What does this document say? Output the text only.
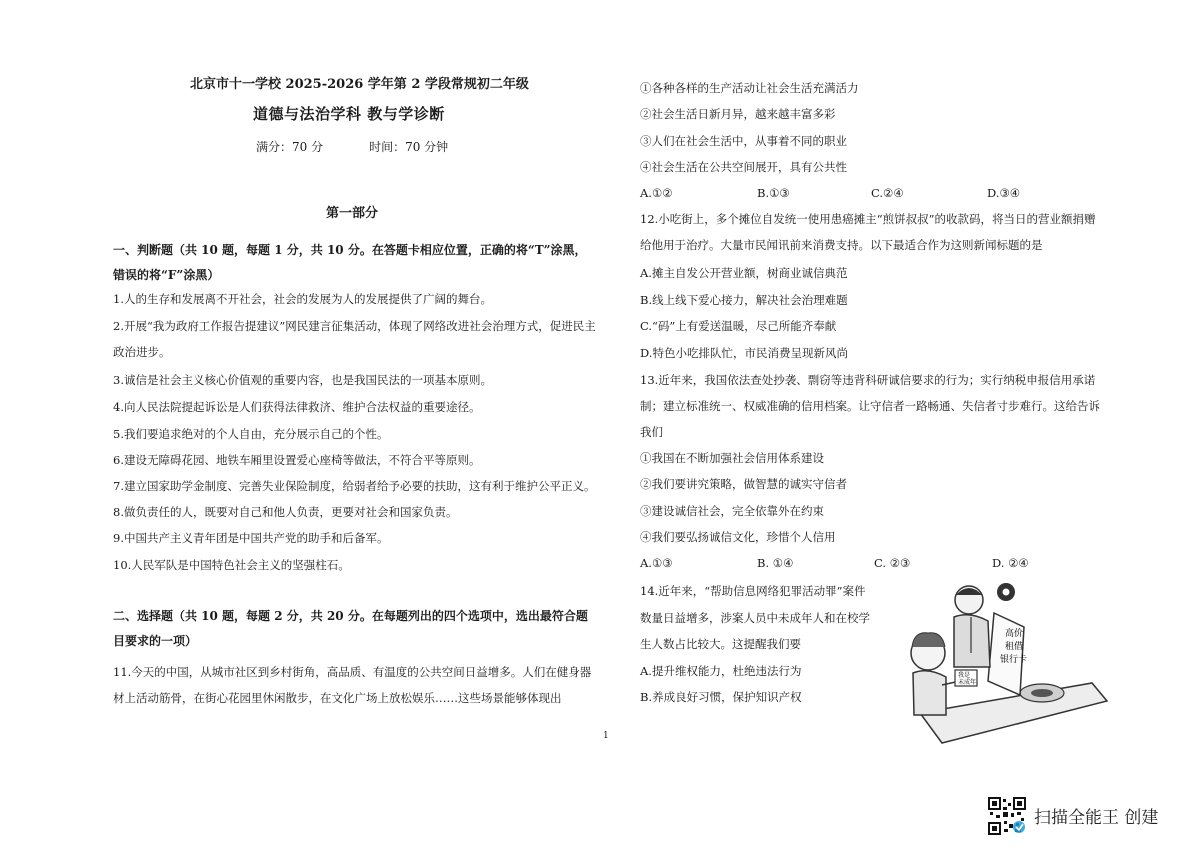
北京市十一学校 2025-2026 学年第 2 学段常规初二年级
道德与法治学科 教与学诊断
满分：70 分	时间：70 分钟
第一部分
一、判断题（共 10 题，每题 1 分，共 10 分。在答题卡相应位置，正确的将“T”涂黑，错误的将“F”涂黑）
1.人的生存和发展离不开社会，社会的发展为人的发展提供了广阔的舞台。
2.开展“我为政府工作报告提建议”网民建言征集活动，体现了网络改进社会治理方式，促进民主政治进步。
3.诚信是社会主义核心价值观的重要内容，也是我国民法的一项基本原则。
4.向人民法院提起诉讼是人们获得法律救济、维护合法权益的重要途径。
5.我们要追求绝对的个人自由，充分展示自己的个性。
6.建设无障碍花园、地铁车厢里设置爱心座椅等做法，不符合平等原则。
7.建立国家助学金制度、完善失业保险制度，给弱者给予必要的扶助，这有利于维护公平正义。
8.做负责任的人，既要对自己和他人负责，更要对社会和国家负责。
9.中国共产主义青年团是中国共产党的助手和后备军。
10.人民军队是中国特色社会主义的坚强柱石。
二、选择题（共 10 题，每题 2 分，共 20 分。在每题列出的四个选项中，选出最符合题目要求的一项）
11.今天的中国，从城市社区到乡村街角，高品质、有温度的公共空间日益增多。人们在健身器材上活动筋骨，在街心花园里休闲散步，在文化广场上放松娱乐……这些场景能够体现出
1
①各种各样的生产活动让社会生活充满活力
②社会生活日新月异，越来越丰富多彩
③人们在社会生活中，从事着不同的职业
④社会生活在公共空间展开，具有公共性
A.①②	B.①③	C.②④	D.③④
12.小吃街上，多个摊位自发统一使用患癌摊主“煎饼叔叔”的收款码，将当日的营业额捐赠给他用于治疗。大量市民闻讯前来消费支持。以下最适合作为这则新闻标题的是
A.摊主自发公开营业额，树商业诚信典范
B.线上线下爱心接力，解决社会治理难题
C.“码”上有爱送温暖，尽己所能齐奉献
D.特色小吃排队忙，市民消费呈现新风尚
13.近年来，我国依法查处抄袭、剽窃等违背科研诚信要求的行为；实行纳税申报信用承诺制；建立标准统一、权威准确的信用档案。让守信者一路畅通、失信者寸步难行。这给告诉我们
①我国在不断加强社会信用体系建设
②我们要讲究策略，做智慧的诚实守信者
③建设诚信社会，完全依靠外在约束
④我们要弘扬诚信文化，珍惜个人信用
A.①③	B. ①④	C. ②③	D. ②④
14.近年来，“帮助信息网络犯罪活动罪”案件
数量日益增多，涉案人员中未成年人和在校学
生人数占比较大。这提醒我们要
A.提升维权能力，杜绝违法行为
B.养成良好习惯，保护知识产权
高价
租借
银行卡
我是
未成年
扫描全能王 创建
